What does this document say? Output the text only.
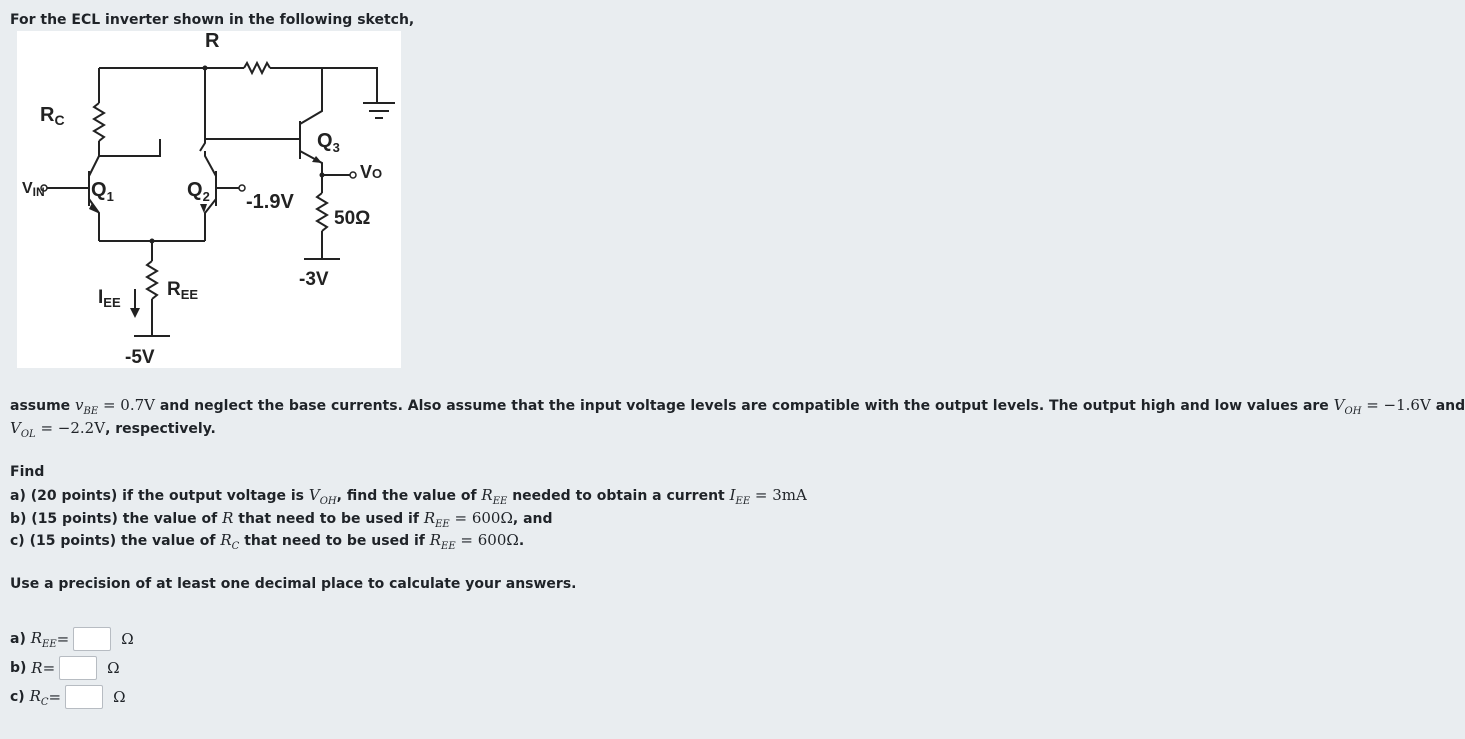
For the ECL inverter shown in the following sketch,
$R_C$
R
VIN $Q_1$	$Q_2$
$Q_3$
VO
-1.9V
50Ω
-3V
$I_{EE}$
$R_{EE}$
-5V
assume $v_{BE} = 0.7V$ and neglect the base currents. Also assume that the input voltage levels are compatible with the output levels. The output high and low values are $V_{OH} = -1.6V$ and
$V_{OL} = -2.2V$, respectively.
Find
a) (20 points) if the output voltage is $V_{OH}$, find the value of $R_{EE}$ needed to obtain a current $I_{EE} = 3mA$
b) (15 points) the value of R that need to be used if $R_{EE} = 600\Omega$, and
c) (15 points) the value of $R_C$ that need to be used if $R_{EE} = 600\Omega$.
Use a precision of at least one decimal place to calculate your answers.
a)
$R_{EE}$ =	Ω
b)
R =	Ω
c)
$R_C$ =	Ω
